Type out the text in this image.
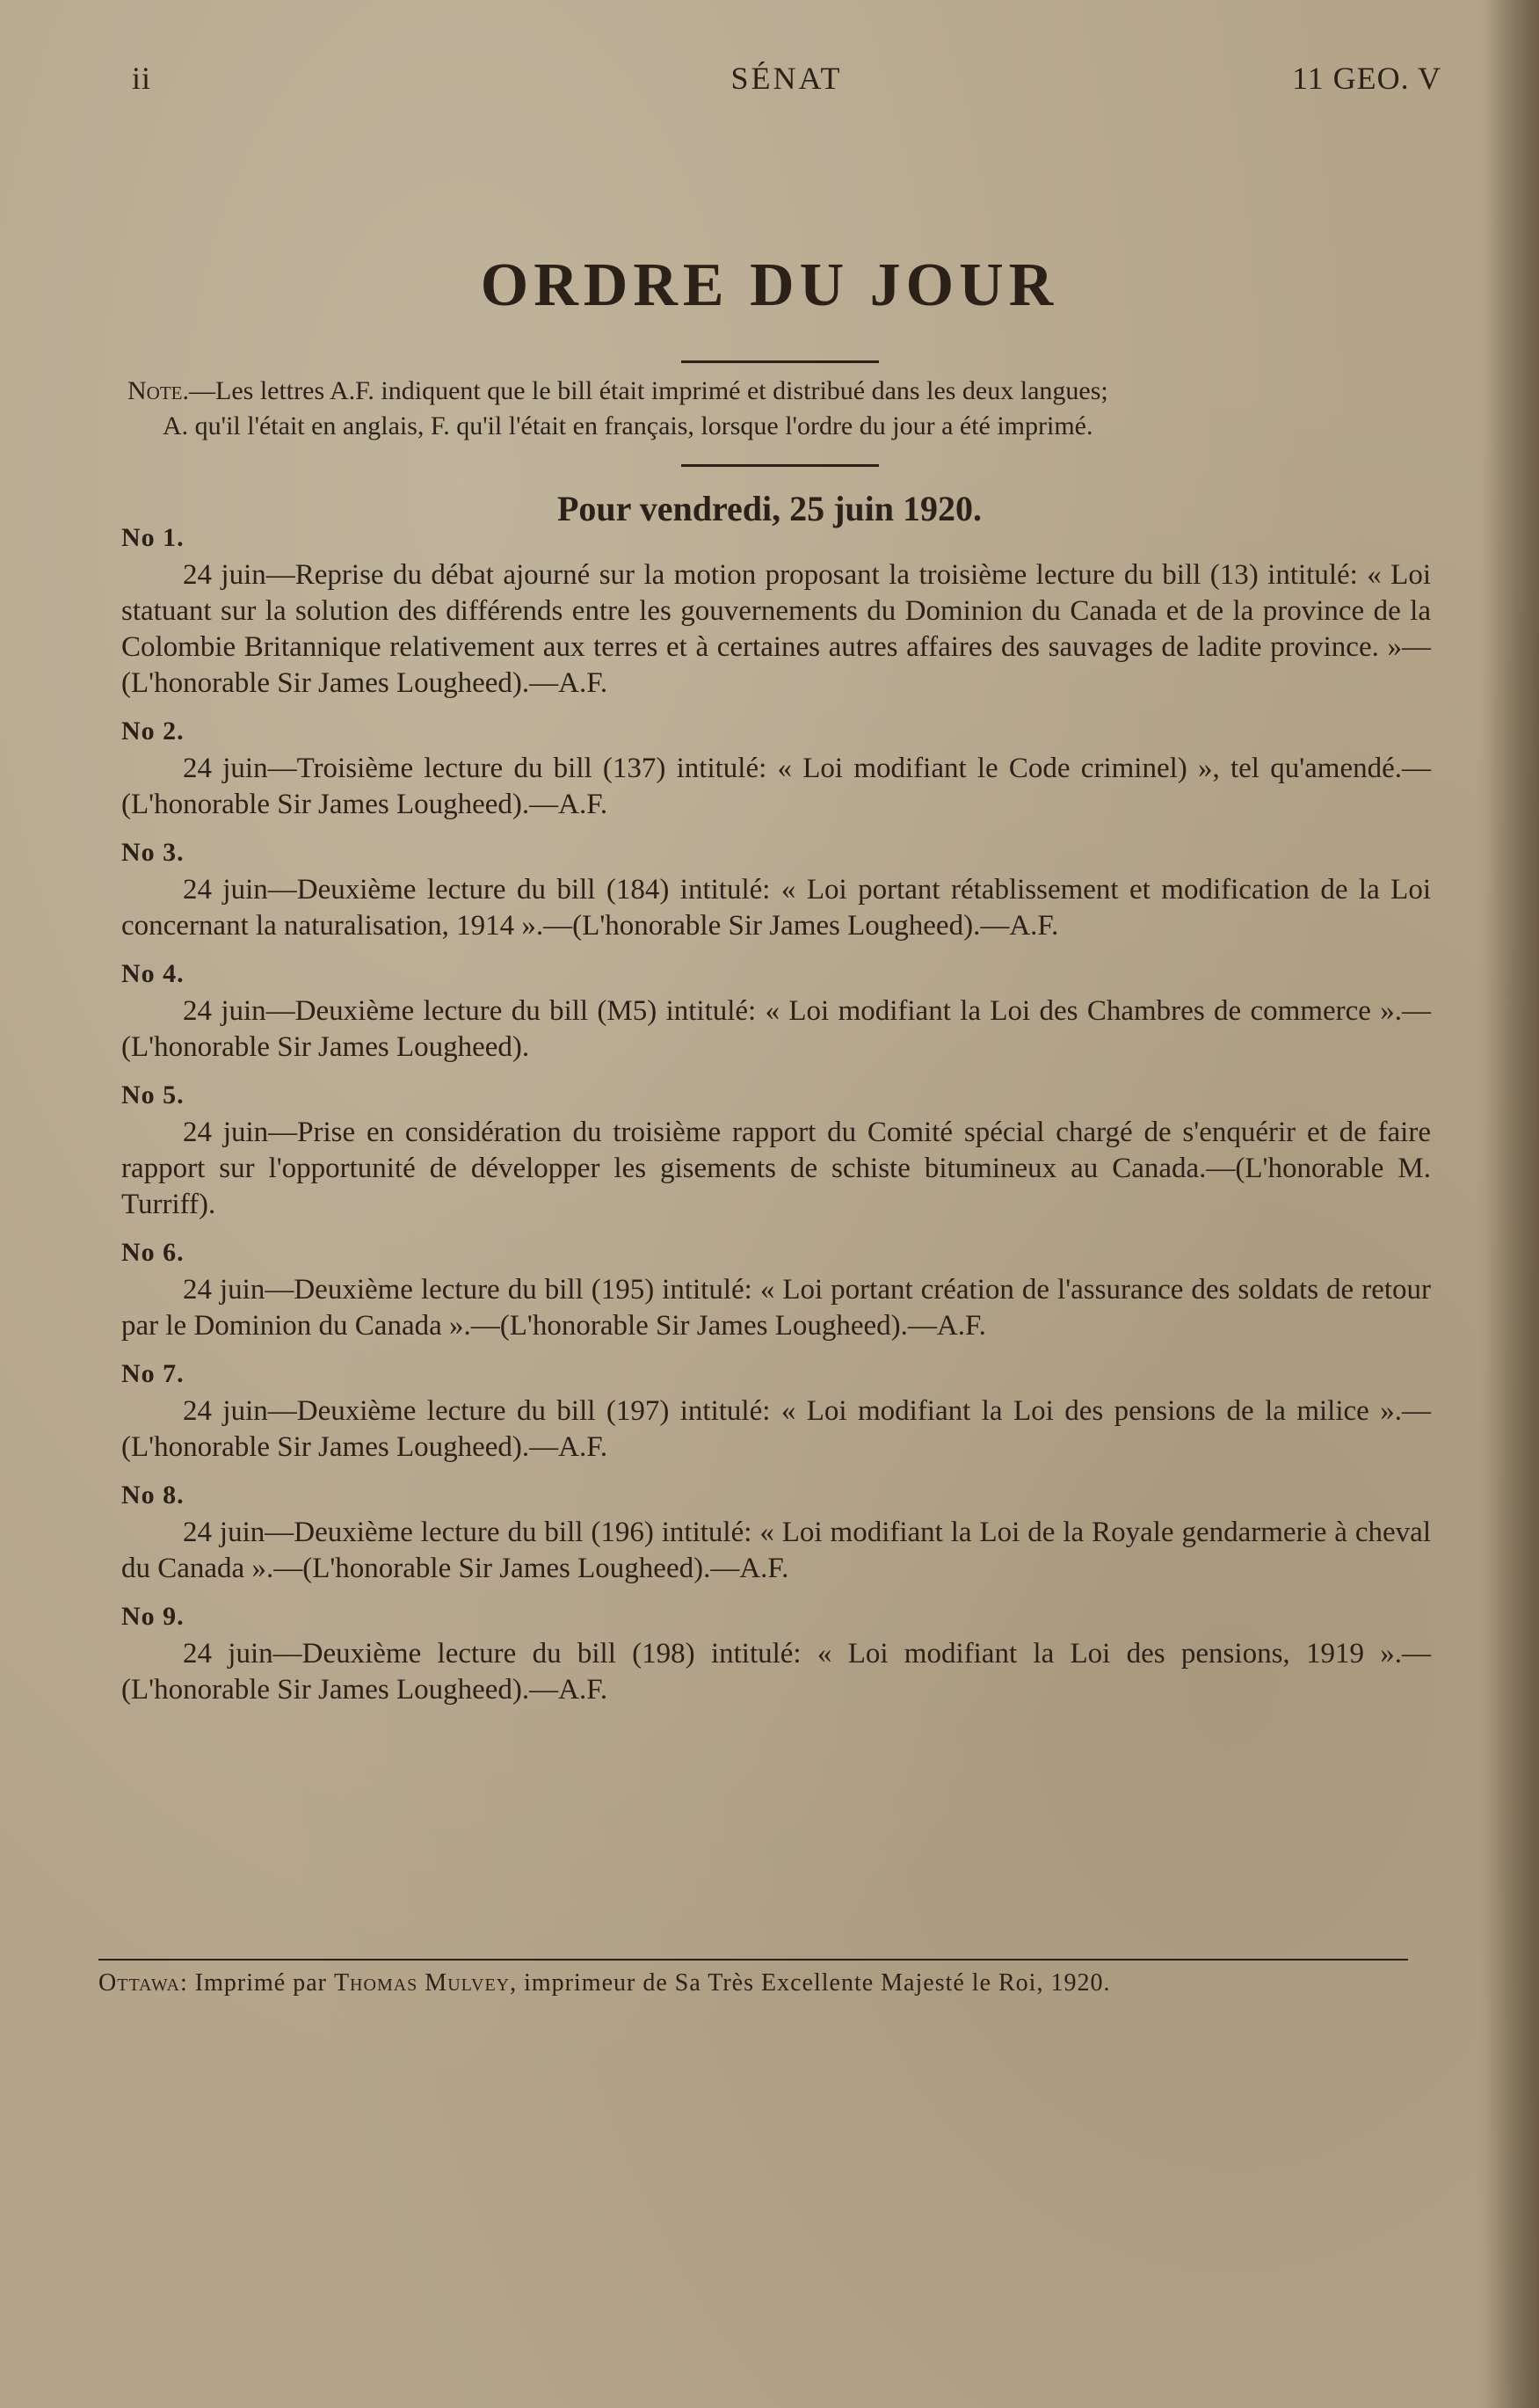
ii	SÉNAT	11 GEO. V
ORDRE DU JOUR
Note.—Les lettres A.F. indiquent que le bill était imprimé et distribué dans les deux langues;
A. qu'il l'était en anglais, F. qu'il l'était en français, lorsque l'ordre du jour a été imprimé.
Pour vendredi, 25 juin 1920.
No 1.
24 juin—Reprise du débat ajourné sur la motion proposant la troisième lecture du bill (13) intitulé: « Loi statuant sur la solution des différends entre les gouvernements du Dominion du Canada et de la province de la Colombie Britannique relativement aux terres et à certaines autres affaires des sauvages de ladite province. »—(L'honorable Sir James Lougheed).—A.F.
No 2.
24 juin—Troisième lecture du bill (137) intitulé: « Loi modifiant le Code criminel) », tel qu'amendé.—(L'honorable Sir James Lougheed).—A.F.
No 3.
24 juin—Deuxième lecture du bill (184) intitulé: « Loi portant rétablissement et modification de la Loi concernant la naturalisation, 1914 ».—(L'honorable Sir James Lougheed).—A.F.
No 4.
24 juin—Deuxième lecture du bill (M5) intitulé: « Loi modifiant la Loi des Chambres de commerce ».—(L'honorable Sir James Lougheed).
No 5.
24 juin—Prise en considération du troisième rapport du Comité spécial chargé de s'enquérir et de faire rapport sur l'opportunité de développer les gisements de schiste bitumineux au Canada.—(L'honorable M. Turriff).
No 6.
24 juin—Deuxième lecture du bill (195) intitulé: « Loi portant création de l'assurance des soldats de retour par le Dominion du Canada ».—(L'honorable Sir James Lougheed).—A.F.
No 7.
24 juin—Deuxième lecture du bill (197) intitulé: « Loi modifiant la Loi des pensions de la milice ».—(L'honorable Sir James Lougheed).—A.F.
No 8.
24 juin—Deuxième lecture du bill (196) intitulé: « Loi modifiant la Loi de la Royale gendarmerie à cheval du Canada ».—(L'honorable Sir James Lougheed).—A.F.
No 9.
24 juin—Deuxième lecture du bill (198) intitulé: « Loi modifiant la Loi des pensions, 1919 ».—(L'honorable Sir James Lougheed).—A.F.
Ottawa: Imprimé par Thomas Mulvey, imprimeur de Sa Très Excellente Majesté le Roi, 1920.
